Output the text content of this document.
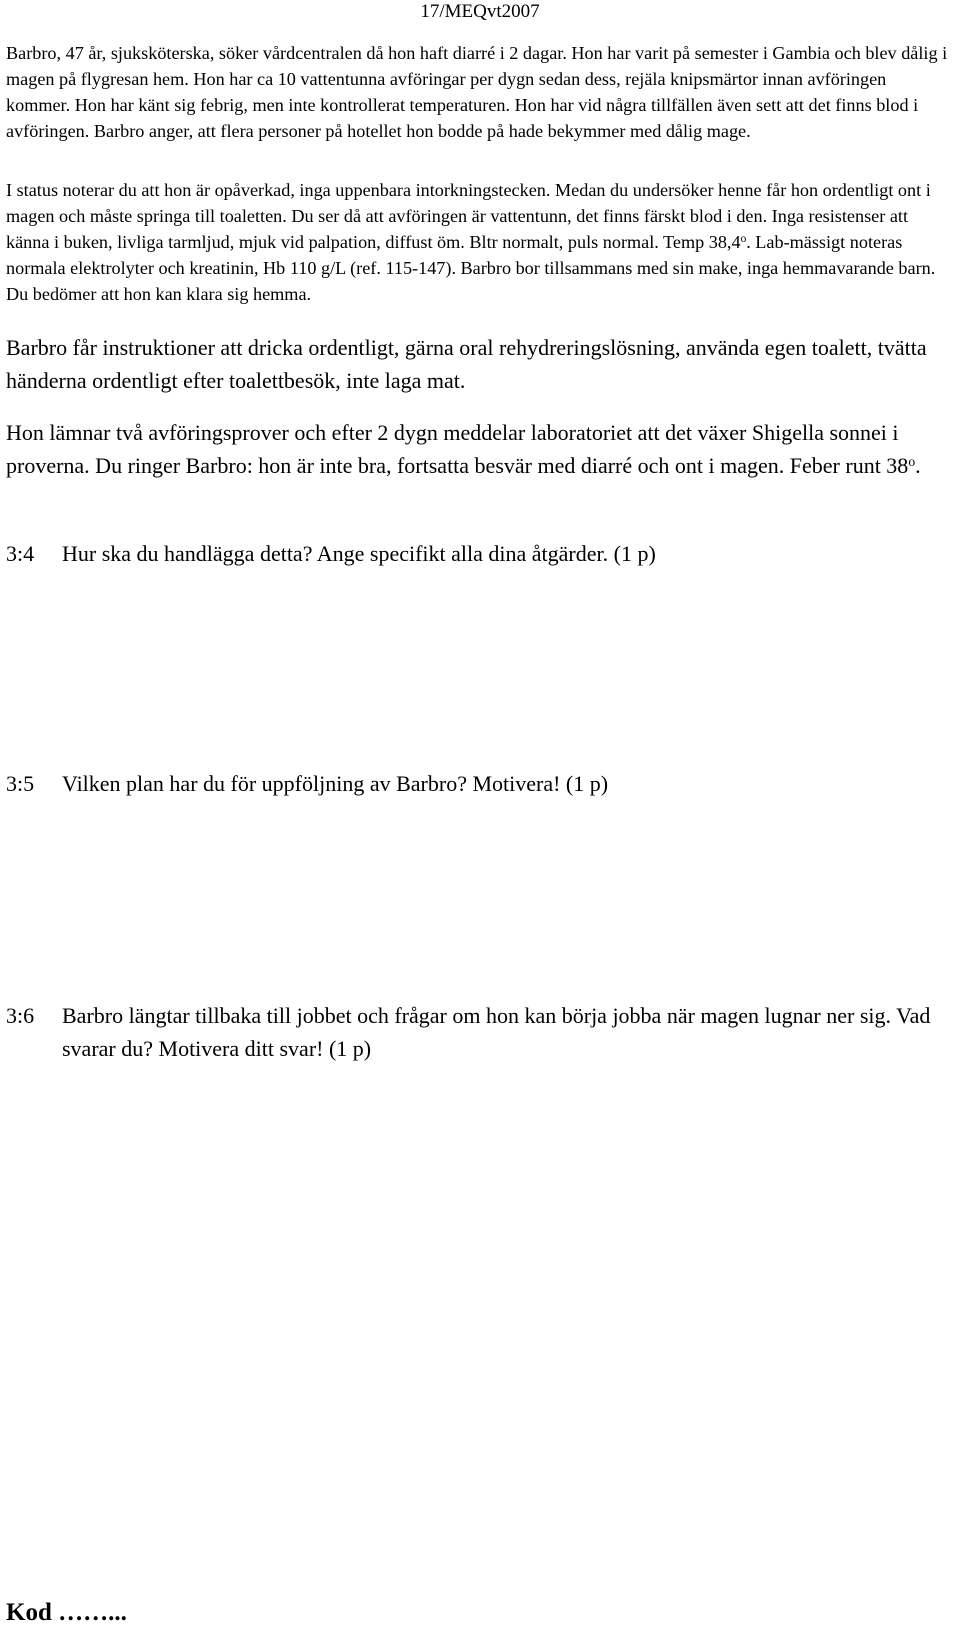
17/MEQvt2007

Barbro, 47 år, sjuksköterska, söker vårdcentralen då hon haft diarré i 2 dagar. Hon har varit på semester i Gambia och blev dålig i magen på flygresan hem. Hon har ca 10 vattentunna avföringar per dygn sedan dess, rejäla knipsmärtor innan avföringen kommer. Hon har känt sig febrig, men inte kontrollerat temperaturen. Hon har vid några tillfällen även sett att det finns blod i avföringen. Barbro anger, att flera personer på hotellet hon bodde på hade bekymmer med dålig mage.

I status noterar du att hon är opåverkad, inga uppenbara intorkningstecken. Medan du undersöker henne får hon ordentligt ont i magen och måste springa till toaletten. Du ser då att avföringen är vattentunn, det finns färskt blod i den. Inga resistenser att känna i buken, livliga tarmljud, mjuk vid palpation, diffust öm. Bltr normalt, puls normal. Temp 38,4$^o$. Lab-mässigt noteras normala elektrolyter och kreatinin, Hb 110 g/L (ref. 115-147). Barbro bor tillsammans med sin make, inga hemmavarande barn. Du bedömer att hon kan klara sig hemma.

Barbro får instruktioner att dricka ordentligt, gärna oral rehydreringslösning, använda egen toalett, tvätta händerna ordentligt efter toalettbesök, inte laga mat.

Hon lämnar två avföringsprover och efter 2 dygn meddelar laboratoriet att det växer Shigella sonnei i proverna. Du ringer Barbro: hon är inte bra, fortsatta besvär med diarré och ont i magen. Feber runt 38$^o$.

3:4	Hur ska du handlägga detta? Ange specifikt alla dina åtgärder. (1 p)
3:5	Vilken plan har du för uppföljning av Barbro? Motivera! (1 p)
3:6	Barbro längtar tillbaka till jobbet och frågar om hon kan börja jobba när magen lugnar ner sig. Vad svarar du? Motivera ditt svar! (1 p)
Kod ……...
